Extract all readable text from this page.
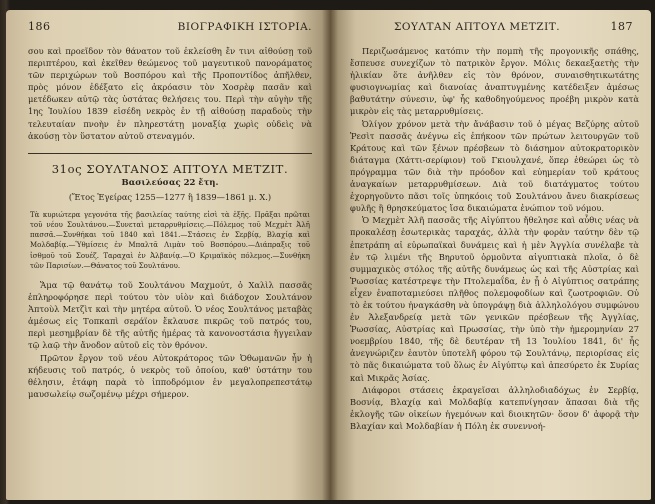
186	ΒΙΟΓΡΑΦΙΚΗ ΙΣΤΟΡΙΑ.

σου καὶ προεῖδον τὸν θάνατον τοῦ ἐκλείσθη ἔν τινι αἰθούσῃ τοῦ περιπτέρου, καὶ ἐκεῖθεν θεώμενος τοῦ μαγευτικοῦ πανοράματος τῶν περιχώρων τοῦ Βοσπόρου καὶ τῆς Προποντίδος ἀπῆλθεν, πρὸς μόνον ἐδέξατο εἰς ἀκρόασιν τὸν Χοσρὲφ πασᾶν καὶ μετέδωκεν αὐτῷ τὰς ὑστάτας θελήσεις του. Περὶ τὴν αὐγὴν τῆς 1ης Ἰουλίου 1839 εἰσέδη νεκρὸς ἐν τῇ αἰθούσῃ παραδοὺς τὴν τελευταίαν πνοὴν ἐν πληρεστάτῃ μοναξίᾳ χωρὶς οὐδεὶς νὰ ἀκούσῃ τὸν ὕστατον αὐτοῦ στεναγμόν.

31ος ΣΟΥΛΤΑΝΟΣ ΑΠΤΟΥΛ ΜΕΤΖΙΤ.
Βασιλεύσας 22 ἔτη.
(Ἔτος Ἐγείρας 1255—1277 ἢ 1839—1861 μ. Χ.)

Τὰ κυριώτερα γεγονότα τῆς βασιλείας ταύτης εἰσὶ τὰ ἑξῆς. Πρᾶξαι πρῶται τοῦ νέου Σουλτάνου.—Συνεταὶ μεταρρυθμίσεις.—Πόλεμος τοῦ Μεχμὲτ Ἀλῆ πασσᾶ.—Συνθήκαι τοῦ 1840 καὶ 1841.—Στάσεις ἐν Σερβίᾳ, Βλαχίᾳ καὶ Μολδαβίᾳ.—Ὑθμίσεις ἐν Μπαλτᾶ Λιμὰν τοῦ Βοσπόρου.—Διάπραξις τοῦ ἰσθμοῦ τοῦ Σουέζ. Ταραχαὶ ἐν Ἀλβανίᾳ.—Ὁ Κριμαϊκὸς πόλεμος.—Συνθήκη τῶν Παρισίων.—Θάνατος τοῦ Σουλτάνου.

Ἅμα τῷ θανάτῳ τοῦ Σουλτάνου Μαχμούτ, ὁ Χαλὶλ πασσᾶς ἐπληροφόρησε περὶ τούτου τὸν υἱὸν καὶ διάδοχον Σουλτάνον Ἀπτοὺλ Μετζὶτ καὶ τὴν μητέρα αὐτοῦ. Ὁ νέος Σουλτάνος μεταβὰς ἀμέσως εἰς Τοπκαπὶ σεράϊον ἔκλαυσε πικρῶς τοῦ πατρός του, περὶ μεσημβρίαν δὲ τῆς αὐτῆς ἡμέρας τὰ κανονοστάσια ἤγγειλαν τῷ λαῷ τὴν ἄνοδον αὐτοῦ εἰς τὸν θρόνον.

Πρῶτον ἔργον τοῦ νέου Αὐτοκράτορος τῶν Ὀθωμανῶν ἦν ἡ κήδευσις τοῦ πατρός, ὁ νεκρὸς τοῦ ὁποίου, καθ' ὑστάτην του θέλησιν, ἐτάφη παρὰ τὸ ἱπποδρόμιον ἐν μεγαλοπρεπεστάτῳ μαυσωλείῳ σωζομένῳ μέχρι σήμερον.

ΣΟΥΛΤΑΝ ΑΠΤΟΥΛ ΜΕΤΖΙΤ.	187

Περιζωσάμενος κατόπιν τὴν πομπὴ τῆς προγονικῆς σπάθης, ἔσπευσε συνεχίζων τὸ πατρικὸν ἔργον. Μόλις δεκαεξαετὴς τὴν ἡλικίαν ὅτε ἀνῆλθεν εἰς τὸν θρόνον, συναισθητικωτάτης φυσιογνωμίας καὶ διανοίας ἀναπτυγμένης κατέδειξεν ἀμέσως βαθυτάτην σύνεσιν, ὑφ' ἧς καθοδηγούμενος προέβη μικρὸν κατὰ μικρὸν εἰς τὰς μεταρρυθμίσεις.

Ὀλίγον χρόνον μετὰ τὴν ἄνάβασιν τοῦ ὁ μέγας Βεζύρης αὐτοῦ Ῥεσὶτ πασσᾶς ἀνέγνω εἰς ἐπήκοον τῶν πρώτων λειτουργῶν τοῦ Κράτους καὶ τῶν ξένων πρέσβεων τὸ διάσημον αὐτοκρατορικὸν διάταγμα (Χάττι-σερίφιον) τοῦ Γκιουλχανέ, ὅπερ ἐθεώρει ὡς τὸ πρόγραμμα τῶν διὰ τὴν πρόοδον καὶ εὐημερίαν τοῦ κράτους ἀναγκαίων μεταρρυθμίσεων. Διὰ τοῦ διατάγματος τούτου ἐχορηγοῦντο πᾶσι τοῖς ὑπηκόοις τοῦ Σουλτάνου ἄνευ διακρίσεως φυλῆς ἢ θρησκεύματος ἴσα δικαιώματα ἐνώπιον τοῦ νόμου.

Ὁ Μεχμὲτ Ἀλῆ πασσᾶς τῆς Αἰγύπτου ἤθελησε καὶ αὖθις νέας νὰ προκαλέσῃ ἐσωτερικὰς ταραχάς, ἀλλὰ τὴν φορὰν ταύτην δὲν τῷ ἐπετράπη αἱ εὐρωπαϊκαὶ δυνάμεις καὶ ἡ μὲν Ἀγγλία συνέλαβε τὰ ἐν τῷ λιμένι τῆς Βηρυτοῦ ὁρμοῦντα αἰγυπτιακὰ πλοῖα, ὁ δὲ συμμαχικὸς στόλος τῆς αὐτῆς δυνάμεως ὡς καὶ τῆς Αὐστρίας καὶ Ῥωσσίας κατέστρεψε τὴν Πτολεμαΐδα, ἐν ᾗ ὁ Αἰγύπτιος σατράπης εἶχεν ἐναποταμιεύσει πλῆθος πολεμοφοδίων καὶ ζωοτροφιῶν. Οὐ τὸ ἐκ τούτου ἠναγκάσθη νὰ ὑπογράψῃ διὰ ἀλληλολόγου συμφώνου ἐν Ἀλεξανδρείᾳ μετὰ τῶν γενικῶν πρέσβεων τῆς Ἀγγλίας, Ῥωσσίας, Αὐστρίας καὶ Πρωσσίας, τὴν ὑπὸ τὴν ἡμερομηνίαν 27 νοεμβρίου 1840, τῆς δὲ δευτέραν τῆ 13 Ἰουλίου 1841, δι' ἧς ἀνεγνώριζεν ἑαυτὸν ὑποτελῆ φόρου τῷ Σουλτάνῳ, περιορίσας εἰς τὸ πᾶς δικαιώματα τοῦ ὅλως ἐν Αἰγύπτῳ καὶ ἀπεσύρετο ἐκ Συρίας καὶ Μικρᾶς Ἀσίας.

Διάφοροι στάσεις ἐκραγεῖσαι ἀλληλοδιαδόχως ἐν Σερβίᾳ, Βοσνίᾳ, Βλαχίᾳ καὶ Μολδαβίᾳ κατεπνίγησαν ἅπασαι διὰ τῆς ἐκλογῆς τῶν οἰκείων ἡγεμόνων καὶ διοικητῶν· ὅσον δ' ἀφορᾷ τὴν Βλαχίαν καὶ Μολδαβίαν ἡ Πόλη ἐκ συνεννοή-
